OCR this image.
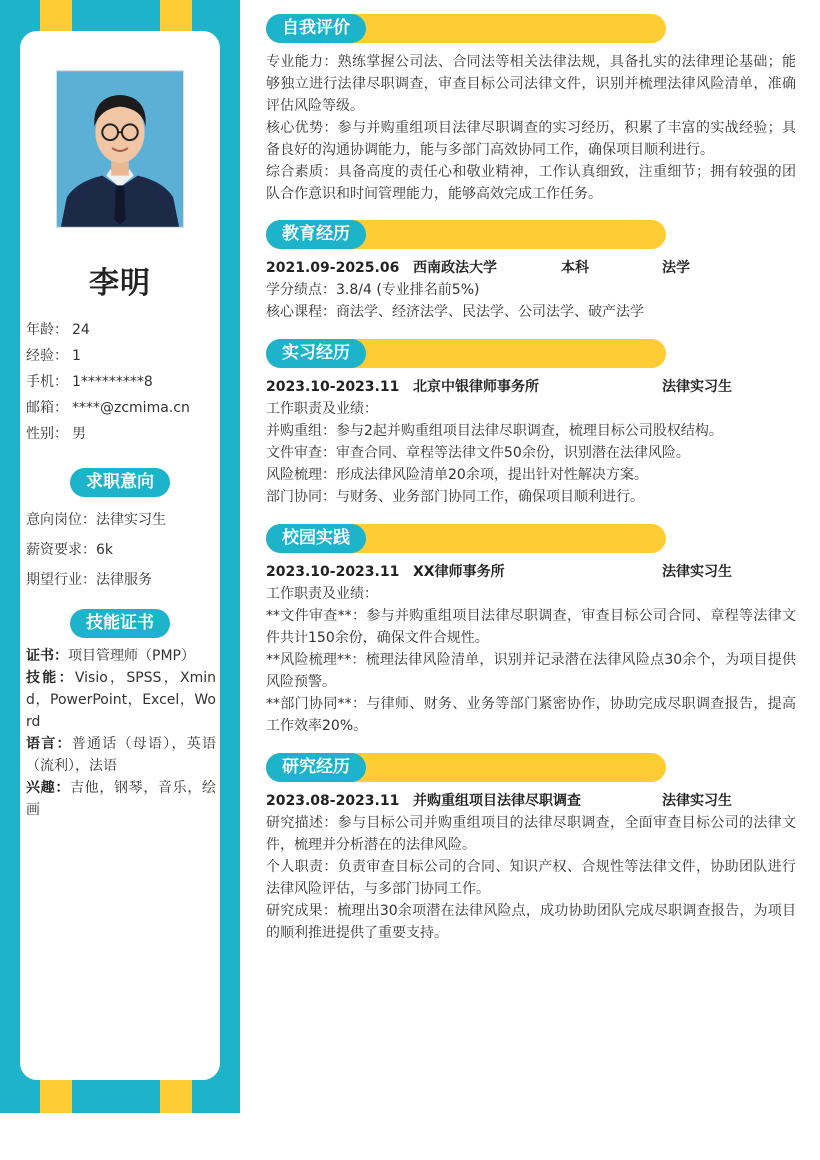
李明
年龄： 24
经验： 1
手机： 1*********8
邮箱： ****@zcmima.cn
性别： 男
求职意向
意向岗位：法律实习生
薪资要求：6k
期望行业：法律服务
技能证书

证书：项目管理师（PMP）

技能：Visio，SPSS，Xmind，PowerPoint，Excel，Word

语言：普通话（母语），英语（流利），法语

兴趣：吉他，钢琴，音乐，绘画

自我评价

专业能力：熟练掌握公司法、合同法等相关法律法规，具备扎实的法律理论基础；能够独立进行法律尽职调查，审查目标公司法律文件，识别并梳理法律风险清单，准确评估风险等级。

核心优势：参与并购重组项目法律尽职调查的实习经历，积累了丰富的实战经验；具备良好的沟通协调能力，能与多部门高效协同工作，确保项目顺利进行。

综合素质：具备高度的责任心和敬业精神，工作认真细致，注重细节；拥有较强的团队合作意识和时间管理能力，能够高效完成工作任务。

教育经历
2021.09-2025.06 西南政法大学	本科	法学

学分绩点：3.8/4 (专业排名前5%)

核心课程：商法学、经济法学、民法学、公司法学、破产法学

实习经历
2023.10-2023.11 北京中银律师事务所	法律实习生

工作职责及业绩：

并购重组：参与2起并购重组项目法律尽职调查，梳理目标公司股权结构。

文件审查：审查合同、章程等法律文件50余份，识别潜在法律风险。

风险梳理：形成法律风险清单20余项，提出针对性解决方案。

部门协同：与财务、业务部门协同工作，确保项目顺利进行。

校园实践
2023.10-2023.11 XX律师事务所	法律实习生

工作职责及业绩：

**文件审查**：参与并购重组项目法律尽职调查，审查目标公司合同、章程等法律文件共计150余份，确保文件合规性。

**风险梳理**：梳理法律风险清单，识别并记录潜在法律风险点30余个，为项目提供风险预警。

**部门协同**：与律师、财务、业务等部门紧密协作，协助完成尽职调查报告，提高工作效率20%。

研究经历
2023.08-2023.11 并购重组项目法律尽职调查	法律实习生

研究描述：参与目标公司并购重组项目的法律尽职调查，全面审查目标公司的法律文件，梳理并分析潜在的法律风险。

个人职责：负责审查目标公司的合同、知识产权、合规性等法律文件，协助团队进行法律风险评估，与多部门协同工作。

研究成果：梳理出30余项潜在法律风险点，成功协助团队完成尽职调查报告，为项目的顺利推进提供了重要支持。
